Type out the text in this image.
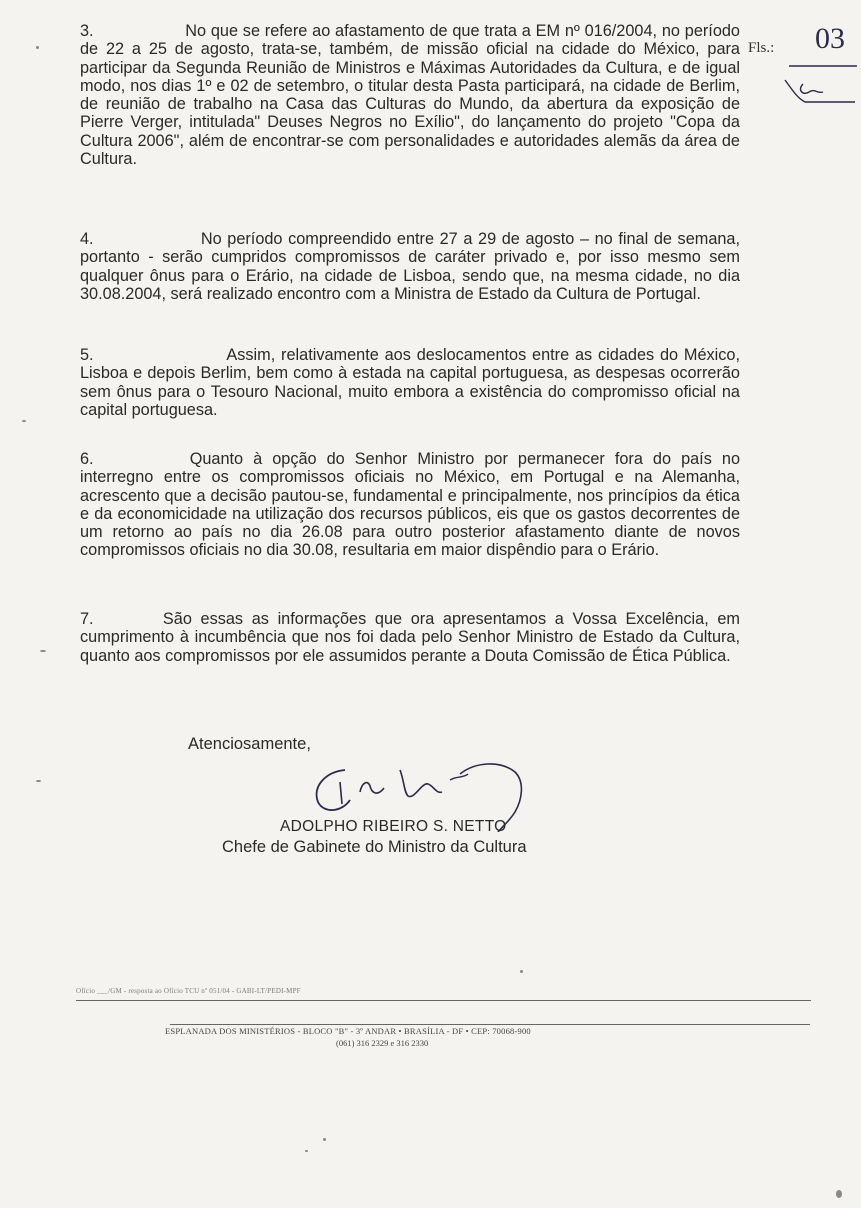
3.	No que se refere ao afastamento de que trata a EM nº 016/2004, no período de 22 a 25 de agosto, trata-se, também, de missão oficial na cidade do México, para participar da Segunda Reunião de Ministros e Máximas Autoridades da Cultura, e de igual modo, nos dias 1º e 02 de setembro, o titular desta Pasta participará, na cidade de Berlim, de reunião de trabalho na Casa das Culturas do Mundo, da abertura da exposição de Pierre Verger, intitulada" Deuses Negros no Exílio", do lançamento do projeto "Copa da Cultura 2006", além de encontrar-se com personalidades e autoridades alemãs da área de Cultura.

4.	No período compreendido entre 27 a 29 de agosto – no final de semana, portanto - serão cumpridos compromissos de caráter privado e, por isso mesmo sem qualquer ônus para o Erário, na cidade de Lisboa, sendo que, na mesma cidade, no dia 30.08.2004, será realizado encontro com a Ministra de Estado da Cultura de Portugal.

5.	Assim, relativamente aos deslocamentos entre as cidades do México, Lisboa e depois Berlim, bem como à estada na capital portuguesa, as despesas ocorrerão sem ônus para o Tesouro Nacional, muito embora a existência do compromisso oficial na capital portuguesa.

6.	Quanto à opção do Senhor Ministro por permanecer fora do país no interregno entre os compromissos oficiais no México, em Portugal e na Alemanha, acrescento que a decisão pautou-se, fundamental e principalmente, nos princípios da ética e da economicidade na utilização dos recursos públicos, eis que os gastos decorrentes de um retorno ao país no dia 26.08 para outro posterior afastamento diante de novos compromissos oficiais no dia 30.08, resultaria em maior dispêndio para o Erário.

7.	São essas as informações que ora apresentamos a Vossa Excelência, em cumprimento à incumbência que nos foi dada pelo Senhor Ministro de Estado da Cultura, quanto aos compromissos por ele assumidos perante a Douta Comissão de Ética Pública.

Atenciosamente,
ADOLPHO RIBEIRO S. NETTO
Chefe de Gabinete do Ministro da Cultura
Fls.: 03
Ofício ___/GM - resposta ao Ofício TCU nº 051/04 - GABI-LT/PEDI-MPF
ESPLANADA DOS MINISTÉRIOS - BLOCO "B" - 3º ANDAR • BRASÍLIA - DF • CEP: 70068-900
(061) 316 2329 e 316 2330
